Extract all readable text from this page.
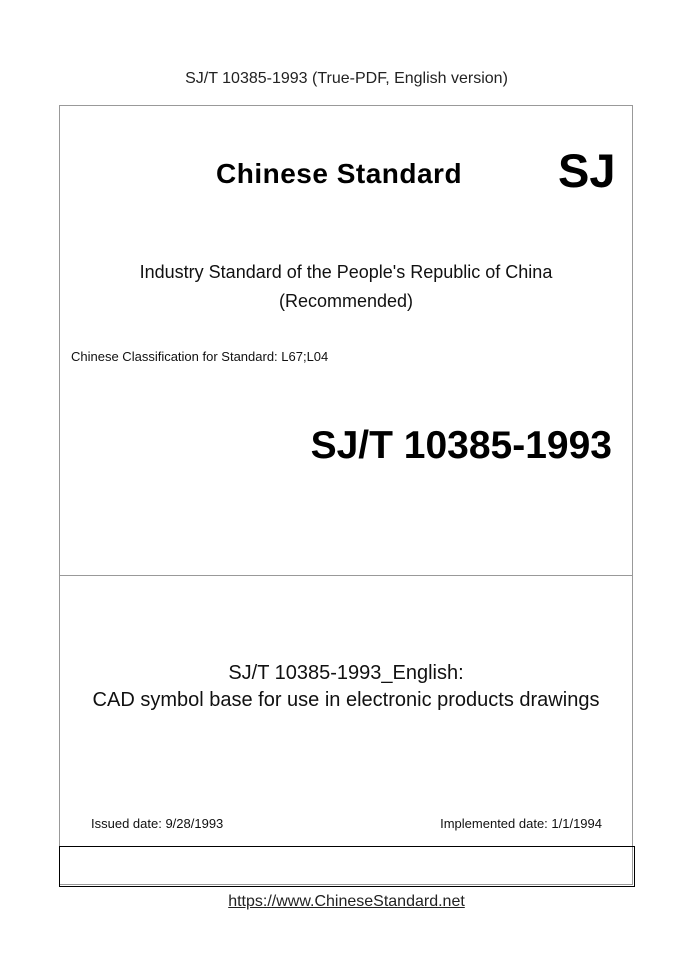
SJ/T 10385-1993 (True-PDF, English version)
Chinese Standard SJ
Industry Standard of the People's Republic of China
(Recommended)
Chinese Classification for Standard: L67;L04
SJ/T 10385-1993
SJ/T 10385-1993_English:
CAD symbol base for use in electronic products drawings
Issued date: 9/28/1993	Implemented date: 1/1/1994
https://www.ChineseStandard.net
